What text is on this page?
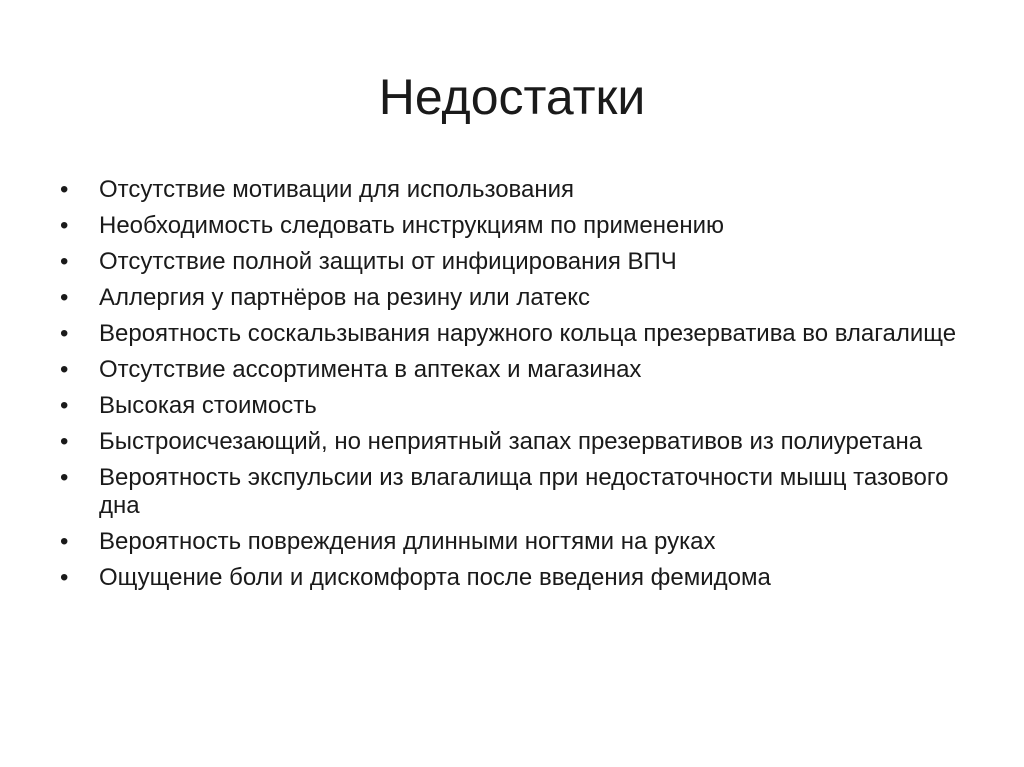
Недостатки
• Отсутствие мотивации для использования
• Необходимость следовать инструкциям по применению
• Отсутствие полной защиты от инфицирования ВПЧ
• Аллергия у партнёров на резину или латекс
• Вероятность соскальзывания наружного кольца презерватива во влагалище
• Отсутствие ассортимента в аптеках и магазинах
• Высокая стоимость
• Быстроисчезающий, но неприятный запах презервативов из полиуретана
• Вероятность экспульсии из влагалища при недостаточности мышц тазового дна
• Вероятность повреждения длинными ногтями на руках
• Ощущение боли и дискомфорта после введения фемидома
